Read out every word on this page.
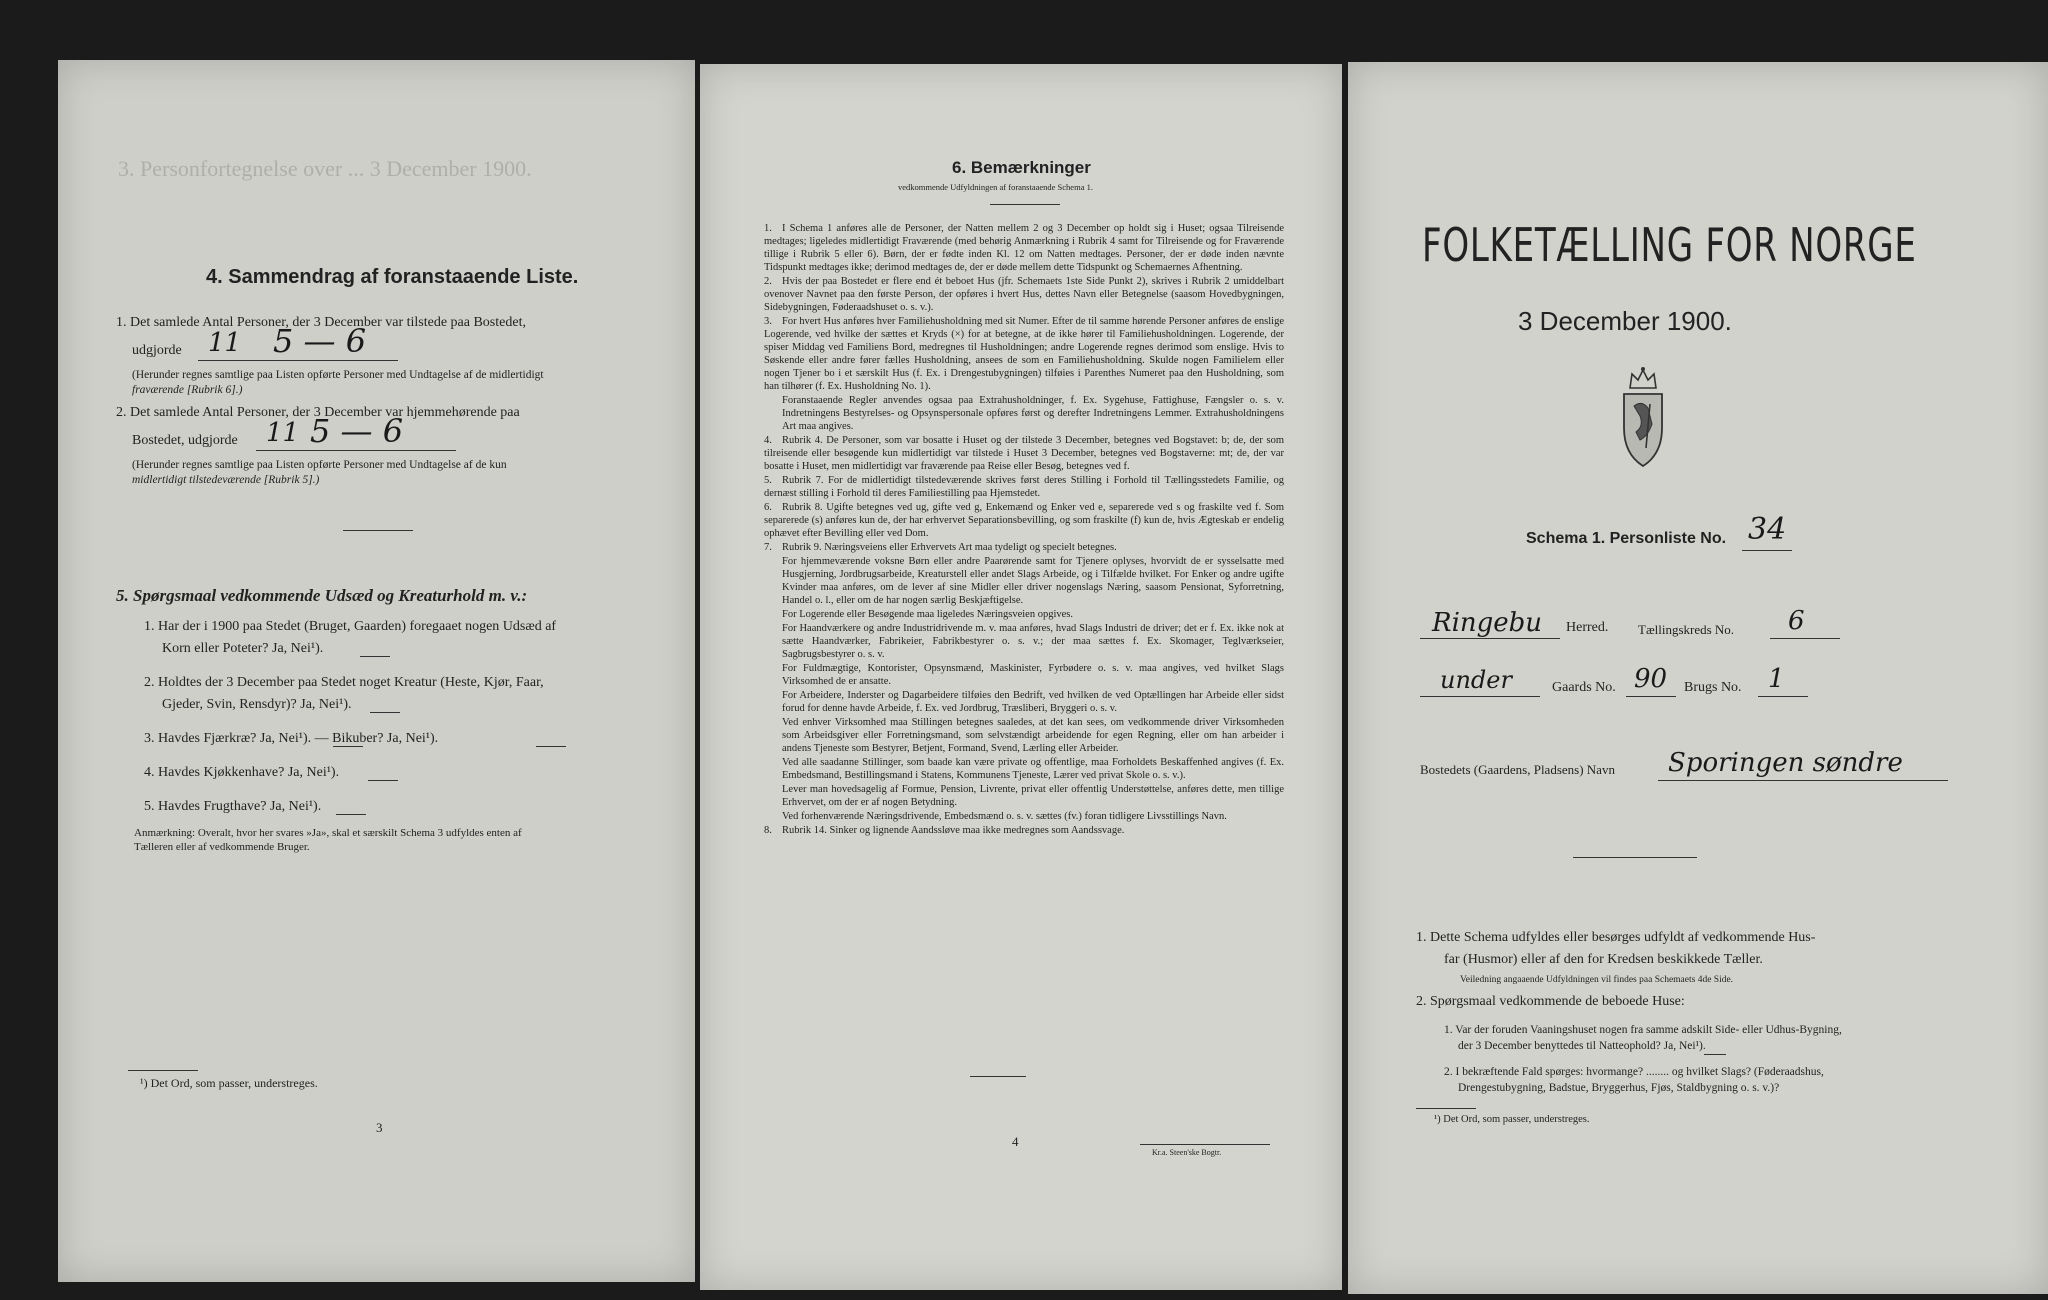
3. Personfortegnelse over ... 3 December 1900.
4. Sammendrag af foranstaaende Liste.
1. Det samlede Antal Personer, der 3 December var tilstede paa Bostedet,
udgjorde 11 5 — 6
(Herunder regnes samtlige paa Listen opførte Personer med Undtagelse af de midlertidigt
fraværende [Rubrik 6].)
2. Det samlede Antal Personer, der 3 December var hjemmehørende paa
Bostedet, udgjorde 11 5 — 6
(Herunder regnes samtlige paa Listen opførte Personer med Undtagelse af de kun
midlertidigt tilstedeværende [Rubrik 5].)
5. Spørgsmaal vedkommende Udsæd og Kreaturhold m. v.:
1. Har der i 1900 paa Stedet (Bruget, Gaarden) foregaaet nogen Udsæd af
Korn eller Poteter? Ja, Nei¹).
2. Holdtes der 3 December paa Stedet noget Kreatur (Heste, Kjør, Faar,
Gjeder, Svin, Rensdyr)? Ja, Nei¹).
3. Havdes Fjærkræ? Ja, Nei¹). — Bikuber? Ja, Nei¹).
4. Havdes Kjøkkenhave? Ja, Nei¹).
5. Havdes Frugthave? Ja, Nei¹).
Anmærkning: Overalt, hvor her svares »Ja», skal et særskilt Schema 3 udfyldes enten af
Tælleren eller af vedkommende Bruger.
¹) Det Ord, som passer, understreges.
3
6. Bemærkninger
vedkommende Udfyldningen af foranstaaende Schema 1.

1. I Schema 1 anføres alle de Personer, der Natten mellem 2 og 3 December op holdt sig i Huset; ogsaa Tilreisende medtages; ligeledes midlertidigt Fraværende (med behørig Anmærkning i Rubrik 4 samt for Tilreisende og for Fraværende tillige i Rubrik 5 eller 6). Børn, der er fødte inden Kl. 12 om Natten medtages. Personer, der er døde inden nævnte Tidspunkt medtages ikke; derimod medtages de, der er døde mellem dette Tidspunkt og Schemaernes Afhentning.

2. Hvis der paa Bostedet er flere end ét beboet Hus (jfr. Schemaets 1ste Side Punkt 2), skrives i Rubrik 2 umiddelbart ovenover Navnet paa den første Person, der opføres i hvert Hus, dettes Navn eller Betegnelse (saasom Hovedbygningen, Sidebygningen, Føderaadshuset o. s. v.).

3. For hvert Hus anføres hver Familiehusholdning med sit Numer. Efter de til samme hørende Personer anføres de enslige Logerende, ved hvilke der sættes et Kryds (×) for at betegne, at de ikke hører til Familiehusholdningen. Logerende, der spiser Middag ved Familiens Bord, medregnes til Husholdningen; andre Logerende regnes derimod som enslige. Hvis to Søskende eller andre fører fælles Husholdning, ansees de som en Familiehusholdning. Skulde nogen Familielem eller nogen Tjener bo i et særskilt Hus (f. Ex. i Drengestubygningen) tilføies i Parenthes Numeret paa den Husholdning, som han tilhører (f. Ex. Husholdning No. 1).

Foranstaaende Regler anvendes ogsaa paa Extrahusholdninger, f. Ex. Sygehuse, Fattighuse, Fængsler o. s. v. Indretningens Bestyrelses- og Opsynspersonale opføres først og derefter Indretningens Lemmer. Extrahusholdningens Art maa angives.

4. Rubrik 4. De Personer, som var bosatte i Huset og der tilstede 3 December, betegnes ved Bogstavet: b; de, der som tilreisende eller besøgende kun midlertidigt var tilstede i Huset 3 December, betegnes ved Bogstaverne: mt; de, der var bosatte i Huset, men midlertidigt var fraværende paa Reise eller Besøg, betegnes ved f.

5. Rubrik 7. For de midlertidigt tilstedeværende skrives først deres Stilling i Forhold til Tællingsstedets Familie, og dernæst stilling i Forhold til deres Familiestilling paa Hjemstedet.

6. Rubrik 8. Ugifte betegnes ved ug, gifte ved g, Enkemænd og Enker ved e, separerede ved s og fraskilte ved f. Som separerede (s) anføres kun de, der har erhvervet Separationsbevilling, og som fraskilte (f) kun de, hvis Ægteskab er endelig ophævet efter Bevilling eller ved Dom.

7. Rubrik 9. Næringsveiens eller Erhvervets Art maa tydeligt og specielt betegnes.

For hjemmeværende voksne Børn eller andre Paarørende samt for Tjenere oplyses, hvorvidt de er sysselsatte med Husgjerning, Jordbrugsarbeide, Kreaturstell eller andet Slags Arbeide, og i Tilfælde hvilket. For Enker og andre ugifte Kvinder maa anføres, om de lever af sine Midler eller driver nogenslags Næring, saasom Pensionat, Syforretning, Handel o. l., eller om de har nogen særlig Beskjæftigelse.

For Logerende eller Besøgende maa ligeledes Næringsveien opgives.

For Haandværkere og andre Industridrivende m. v. maa anføres, hvad Slags Industri de driver; det er f. Ex. ikke nok at sætte Haandværker, Fabrikeier, Fabrikbestyrer o. s. v.; der maa sættes f. Ex. Skomager, Teglværkseier, Sagbrugsbestyrer o. s. v.

For Fuldmægtige, Kontorister, Opsynsmænd, Maskinister, Fyrbødere o. s. v. maa angives, ved hvilket Slags Virksomhed de er ansatte.

For Arbeidere, Inderster og Dagarbeidere tilføies den Bedrift, ved hvilken de ved Optællingen har Arbeide eller sidst forud for denne havde Arbeide, f. Ex. ved Jordbrug, Træsliberi, Bryggeri o. s. v.

Ved enhver Virksomhed maa Stillingen betegnes saaledes, at det kan sees, om vedkommende driver Virksomheden som Arbeidsgiver eller Forretningsmand, som selvstændigt arbeidende for egen Regning, eller om han arbeider i andens Tjeneste som Bestyrer, Betjent, Formand, Svend, Lærling eller Arbeider.

Ved alle saadanne Stillinger, som baade kan være private og offentlige, maa Forholdets Beskaffenhed angives (f. Ex. Embedsmand, Bestillingsmand i Statens, Kommunens Tjeneste, Lærer ved privat Skole o. s. v.).

Lever man hovedsagelig af Formue, Pension, Livrente, privat eller offentlig Understøttelse, anføres dette, men tillige Erhvervet, om der er af nogen Betydning.

Ved forhenværende Næringsdrivende, Embedsmænd o. s. v. sættes (fv.) foran tidligere Livsstillings Navn.

8. Rubrik 14. Sinker og lignende Aandssløve maa ikke medregnes som Aandssvage.

4
Kr.a. Steen'ske Bogtr.
FOLKETÆLLING FOR NORGE
3 December 1900.
Schema 1. Personliste No. 34
Ringebu Herred. Tællingskreds No. 6
under	Gaards No. 90 Brugs No. 1
Bostedets (Gaardens, Pladsens) Navn Sporingen søndre
1. Dette Schema udfyldes eller besørges udfyldt af vedkommende Hus-
far (Husmor) eller af den for Kredsen beskikkede Tæller.
Veiledning angaaende Udfyldningen vil findes paa Schemaets 4de Side.
2. Spørgsmaal vedkommende de beboede Huse:
1. Var der foruden Vaaningshuset nogen fra samme adskilt Side- eller Udhus-Bygning,
der 3 December benyttedes til Natteophold? Ja, Nei¹).
2. I bekræftende Fald spørges: hvormange? ........ og hvilket Slags? (Føderaadshus,
Drengestubygning, Badstue, Bryggerhus, Fjøs, Staldbygning o. s. v.)?
¹) Det Ord, som passer, understreges.
